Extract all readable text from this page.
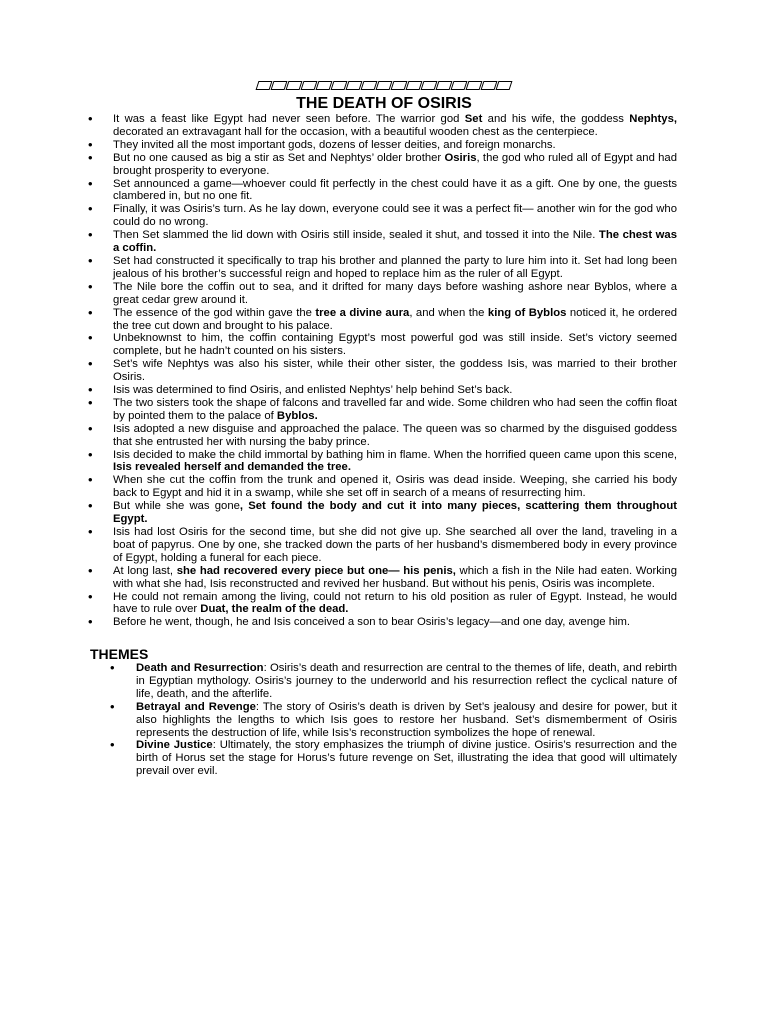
THE DEATH OF OSIRIS
• It was a feast like Egypt had never seen before. The warrior god Set and his wife, the goddess Nephtys, decorated an extravagant hall for the occasion, with a beautiful wooden chest as the centerpiece.
• They invited all the most important gods, dozens of lesser deities, and foreign monarchs.
• But no one caused as big a stir as Set and Nephtys’ older brother Osiris, the god who ruled all of Egypt and had brought prosperity to everyone.
• Set announced a game—whoever could fit perfectly in the chest could have it as a gift. One by one, the guests clambered in, but no one fit.
• Finally, it was Osiris’s turn. As he lay down, everyone could see it was a perfect fit— another win for the god who could do no wrong.
• Then Set slammed the lid down with Osiris still inside, sealed it shut, and tossed it into the Nile. The chest was a coffin.
• Set had constructed it specifically to trap his brother and planned the party to lure him into it. Set had long been jealous of his brother’s successful reign and hoped to replace him as the ruler of all Egypt.
• The Nile bore the coffin out to sea, and it drifted for many days before washing ashore near Byblos, where a great cedar grew around it.
• The essence of the god within gave the tree a divine aura, and when the king of Byblos noticed it, he ordered the tree cut down and brought to his palace.
• Unbeknownst to him, the coffin containing Egypt’s most powerful god was still inside. Set’s victory seemed complete, but he hadn’t counted on his sisters.
• Set’s wife Nephtys was also his sister, while their other sister, the goddess Isis, was married to their brother Osiris.
• Isis was determined to find Osiris, and enlisted Nephtys’ help behind Set’s back.
• The two sisters took the shape of falcons and travelled far and wide. Some children who had seen the coffin float by pointed them to the palace of Byblos.
• Isis adopted a new disguise and approached the palace. The queen was so charmed by the disguised goddess that she entrusted her with nursing the baby prince.
• Isis decided to make the child immortal by bathing him in flame. When the horrified queen came upon this scene, Isis revealed herself and demanded the tree.
• When she cut the coffin from the trunk and opened it, Osiris was dead inside. Weeping, she carried his body back to Egypt and hid it in a swamp, while she set off in search of a means of resurrecting him.
• But while she was gone, Set found the body and cut it into many pieces, scattering them throughout Egypt.
• Isis had lost Osiris for the second time, but she did not give up. She searched all over the land, traveling in a boat of papyrus. One by one, she tracked down the parts of her husband’s dismembered body in every province of Egypt, holding a funeral for each piece.
• At long last, she had recovered every piece but one— his penis, which a fish in the Nile had eaten. Working with what she had, Isis reconstructed and revived her husband. But without his penis, Osiris was incomplete.
• He could not remain among the living, could not return to his old position as ruler of Egypt. Instead, he would have to rule over Duat, the realm of the dead.
• Before he went, though, he and Isis conceived a son to bear Osiris’s legacy—and one day, avenge him.
THEMES
• Death and Resurrection: Osiris’s death and resurrection are central to the themes of life, death, and rebirth in Egyptian mythology. Osiris’s journey to the underworld and his resurrection reflect the cyclical nature of life, death, and the afterlife.
• Betrayal and Revenge: The story of Osiris’s death is driven by Set’s jealousy and desire for power, but it also highlights the lengths to which Isis goes to restore her husband. Set’s dismemberment of Osiris represents the destruction of life, while Isis’s reconstruction symbolizes the hope of renewal.
• Divine Justice: Ultimately, the story emphasizes the triumph of divine justice. Osiris’s resurrection and the birth of Horus set the stage for Horus’s future revenge on Set, illustrating the idea that good will ultimately prevail over evil.
